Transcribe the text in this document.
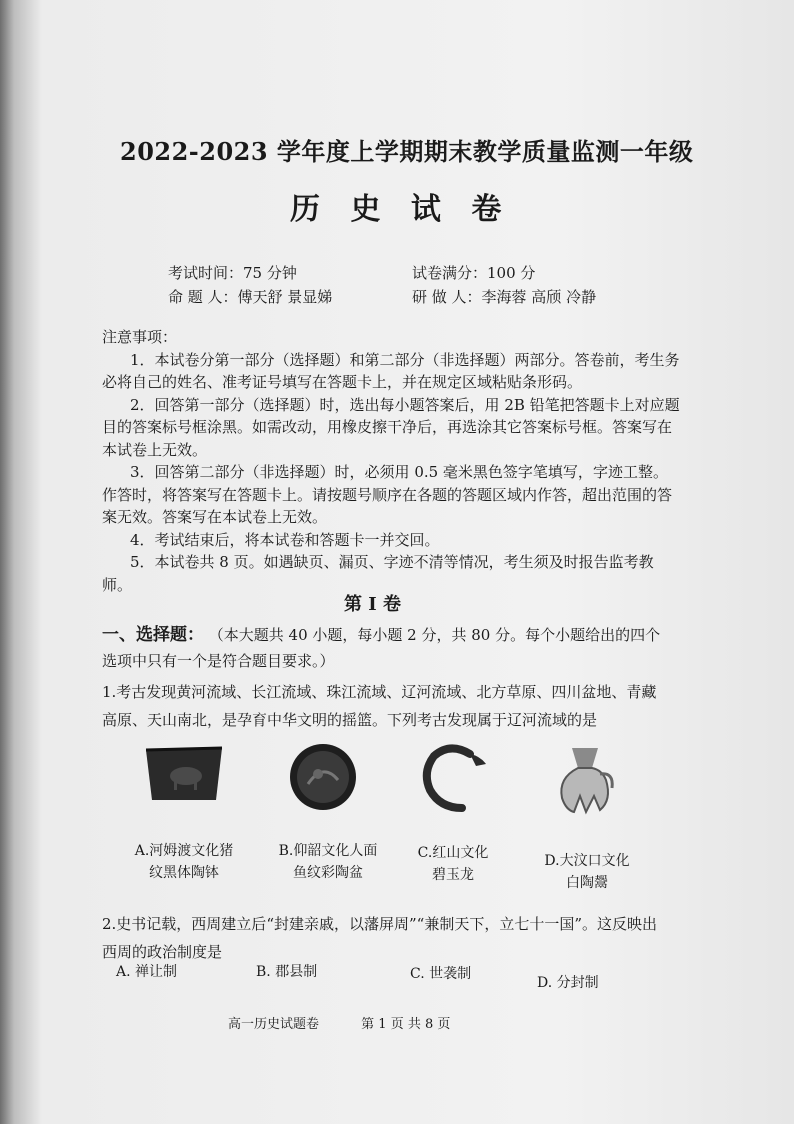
2022-2023 学年度上学期期末教学质量监测一年级
历 史 试 卷
考试时间：75 分钟	试卷满分：100 分
命 题 人：傅天舒 景显娣	研 做 人：李海蓉 高颀 冷静

注意事项：

1．本试卷分第一部分（选择题）和第二部分（非选择题）两部分。答卷前，考生务必将自己的姓名、准考证号填写在答题卡上，并在规定区域粘贴条形码。

2．回答第一部分（选择题）时，选出每小题答案后，用 2B 铅笔把答题卡上对应题目的答案标号框涂黑。如需改动，用橡皮擦干净后，再选涂其它答案标号框。答案写在本试卷上无效。

3．回答第二部分（非选择题）时，必须用 0.5 毫米黑色签字笔填写，字迹工整。作答时，将答案写在答题卡上。请按题号顺序在各题的答题区域内作答，超出范围的答案无效。答案写在本试卷上无效。

4．考试结束后，将本试卷和答题卡一并交回。

5．本试卷共 8 页。如遇缺页、漏页、字迹不清等情况，考生须及时报告监考教师。

第 I 卷
一、选择题： （本大题共 40 小题，每小题 2 分，共 80 分。每个小题给出的四个选项中只有一个是符合题目要求。）
1.考古发现黄河流域、长江流域、珠江流域、辽河流域、北方草原、四川盆地、青藏高原、天山南北，是孕育中华文明的摇篮。下列考古发现属于辽河流域的是
A.河姆渡文化猪
纹黑体陶钵
B.仰韶文化人面
鱼纹彩陶盆
C.红山文化
碧玉龙
D.大汶口文化
白陶鬶
2.史书记载，西周建立后“封建亲戚，以藩屏周”“兼制天下，立七十一国”。这反映出西周的政治制度是
A. 禅让制	B. 郡县制	C. 世袭制
D. 分封制
高一历史试题卷	第 1 页 共 8 页
